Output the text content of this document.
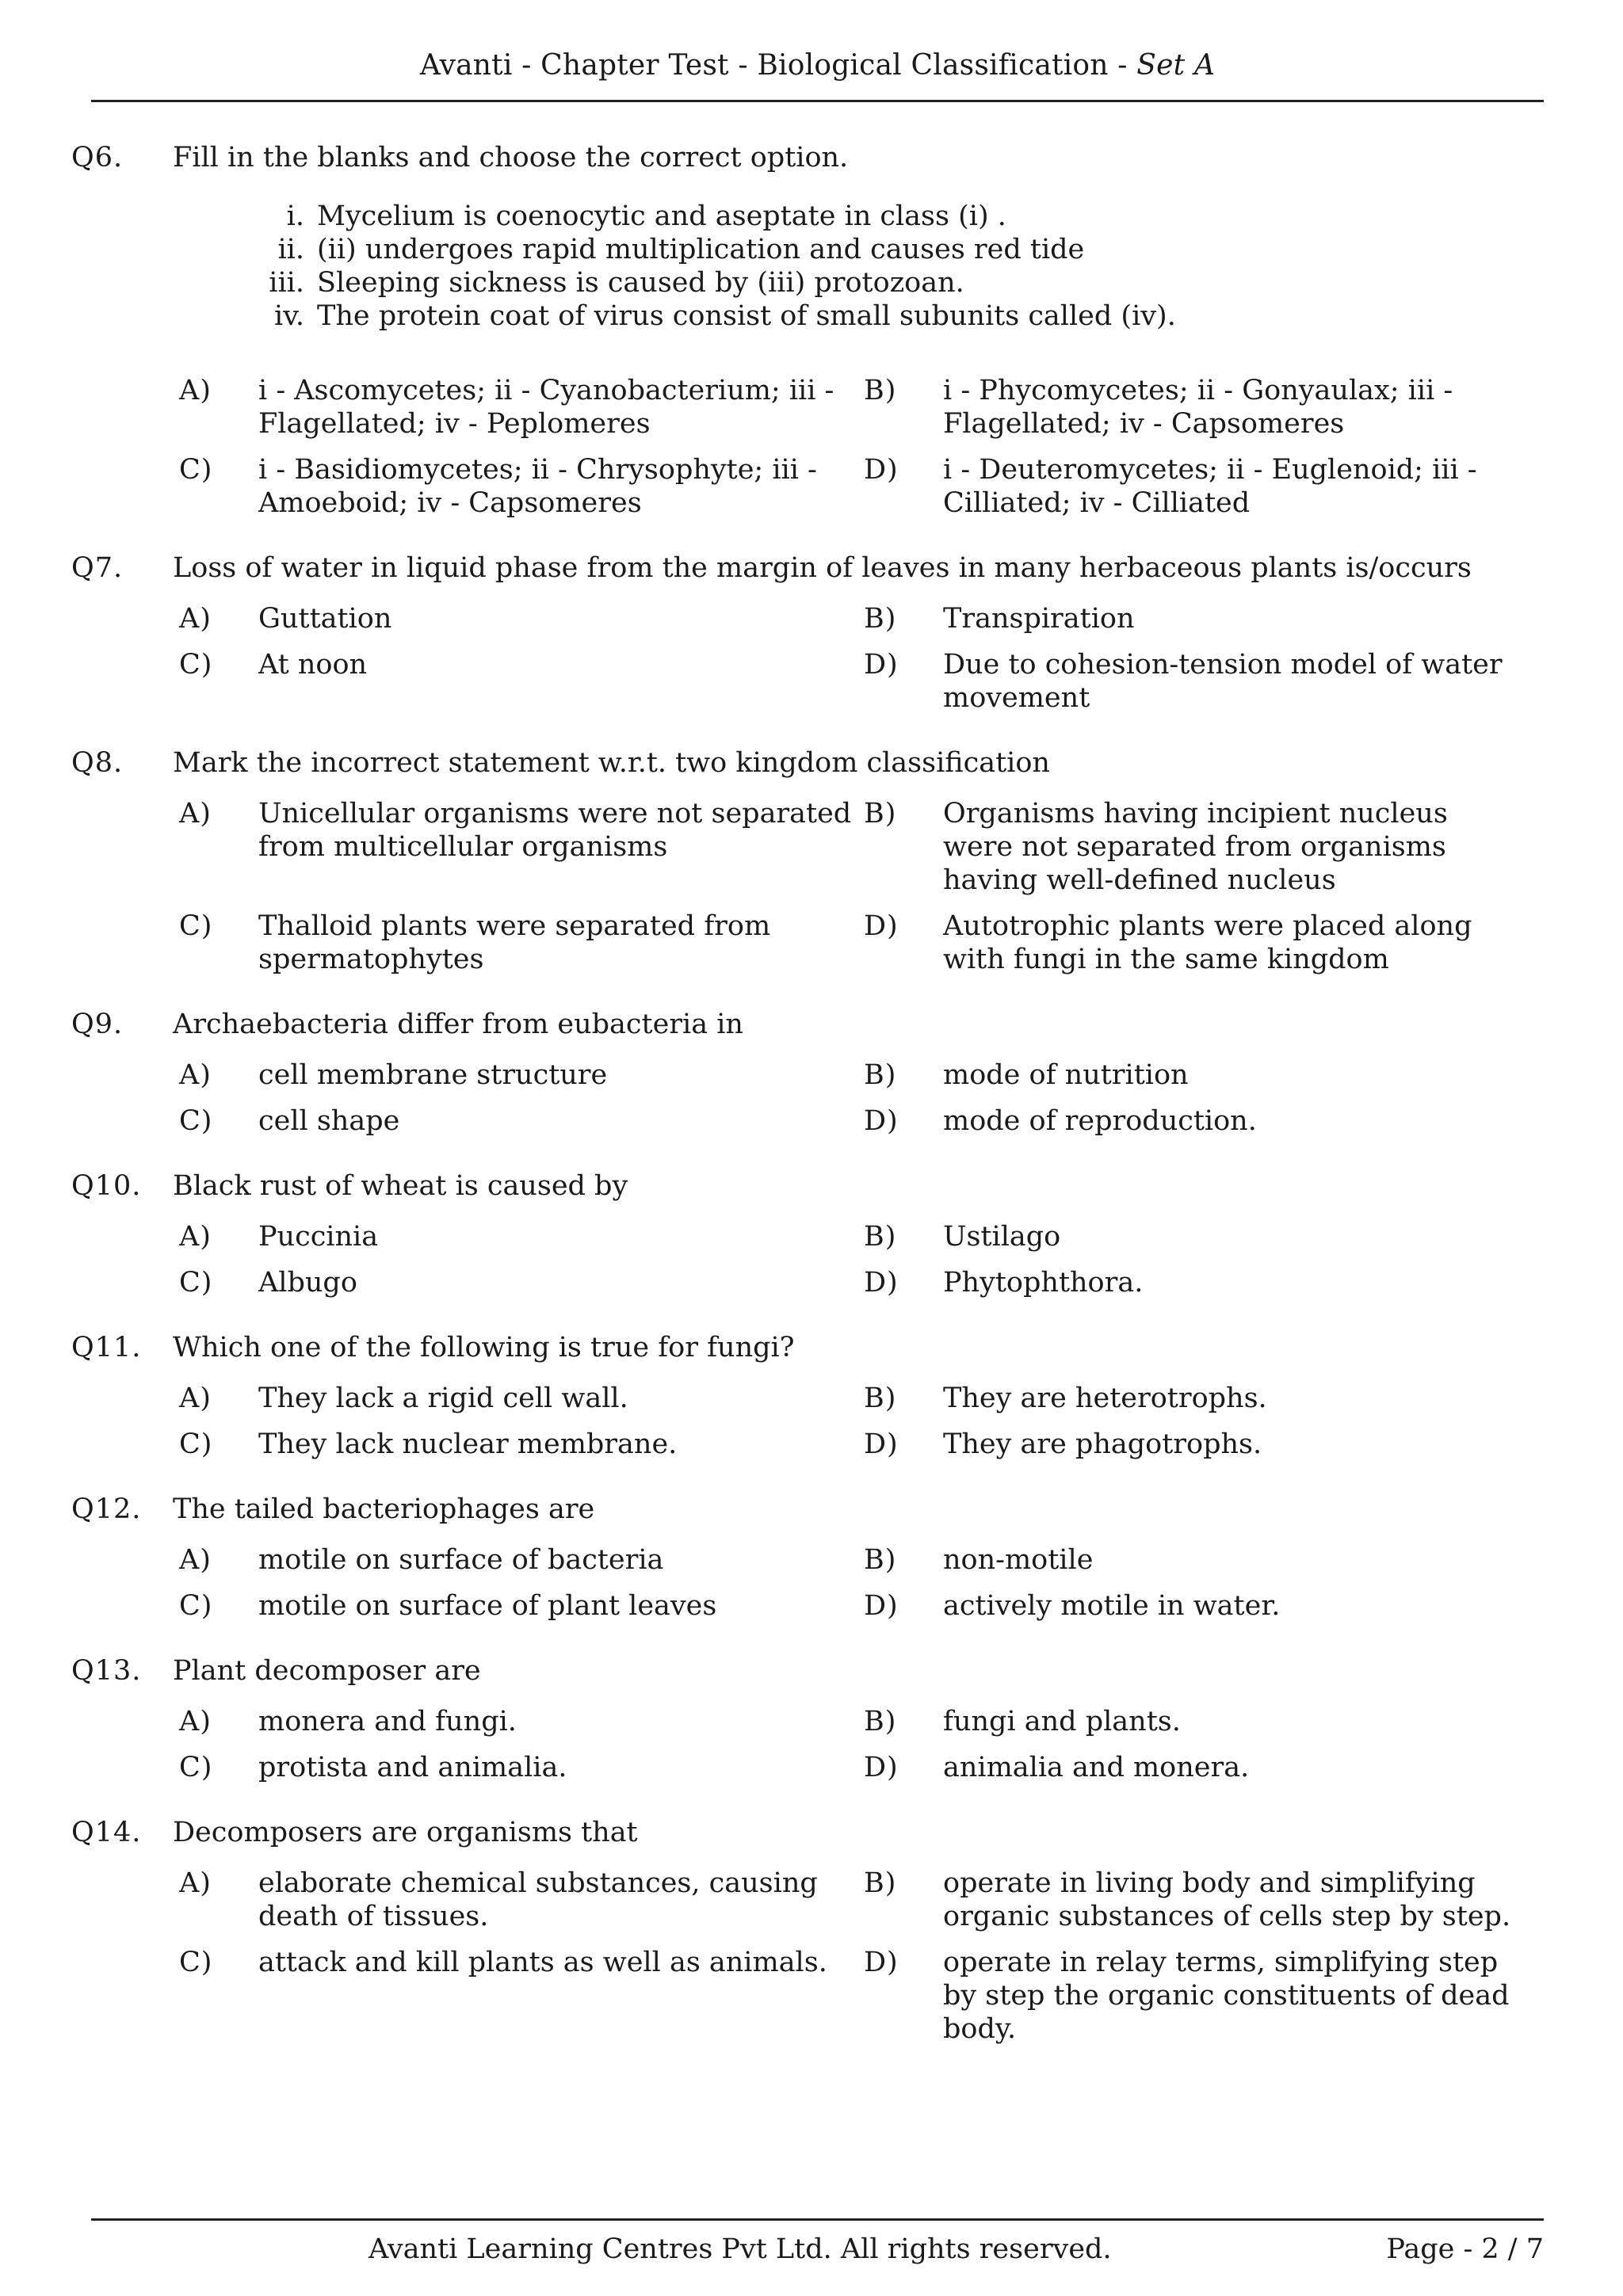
Avanti - Chapter Test - Biological Classification - Set A
Q6.	Fill in the blanks and choose the correct option.
i. Mycelium is coenocytic and aseptate in class (i) .
ii. (ii) undergoes rapid multiplication and causes red tide
iii. Sleeping sickness is caused by (iii) protozoan.
iv. The protein coat of virus consist of small subunits called (iv).
A)	i - Ascomycetes; ii - Cyanobacterium; iii - Flagellated; iv - Peplomeres
B)	i - Phycomycetes; ii - Gonyaulax; iii - Flagellated; iv - Capsomeres
C)	i - Basidiomycetes; ii - Chrysophyte; iii - Amoeboid; iv - Capsomeres
D)	i - Deuteromycetes; ii - Euglenoid; iii - Cilliated; iv - Cilliated
Q7.	Loss of water in liquid phase from the margin of leaves in many herbaceous plants is/occurs
A)	Guttation	B)	Transpiration
C)	At noon	D)	Due to cohesion-tension model of water movement
Q8.	Mark the incorrect statement w.r.t. two kingdom classification
A)	Unicellular organisms were not separated from multicellular organisms
B)	Organisms having incipient nucleus were not separated from organisms having well-defined nucleus
C)	Thalloid plants were separated from spermatophytes
D)	Autotrophic plants were placed along with fungi in the same kingdom
Q9.	Archaebacteria differ from eubacteria in
A)	cell membrane structure	B)	mode of nutrition
C)	cell shape	D)	mode of reproduction.
Q10.	Black rust of wheat is caused by
A)	Puccinia	B)	Ustilago
C)	Albugo	D)	Phytophthora.
Q11.	Which one of the following is true for fungi?
A)	They lack a rigid cell wall.	B)	They are heterotrophs.
C)	They lack nuclear membrane.	D)	They are phagotrophs.
Q12.	The tailed bacteriophages are
A)	motile on surface of bacteria	B)	non-motile
C)	motile on surface of plant leaves	D)	actively motile in water.
Q13.	Plant decomposer are
A)	monera and fungi.	B)	fungi and plants.
C)	protista and animalia.	D)	animalia and monera.
Q14.	Decomposers are organisms that
A)	elaborate chemical substances, causing death of tissues.
B)	operate in living body and simplifying organic substances of cells step by step.
C)	attack and kill plants as well as animals.	D)	operate in relay terms, simplifying step by step the organic constituents of dead body.
Avanti Learning Centres Pvt Ltd. All rights reserved.	Page - 2 / 7
